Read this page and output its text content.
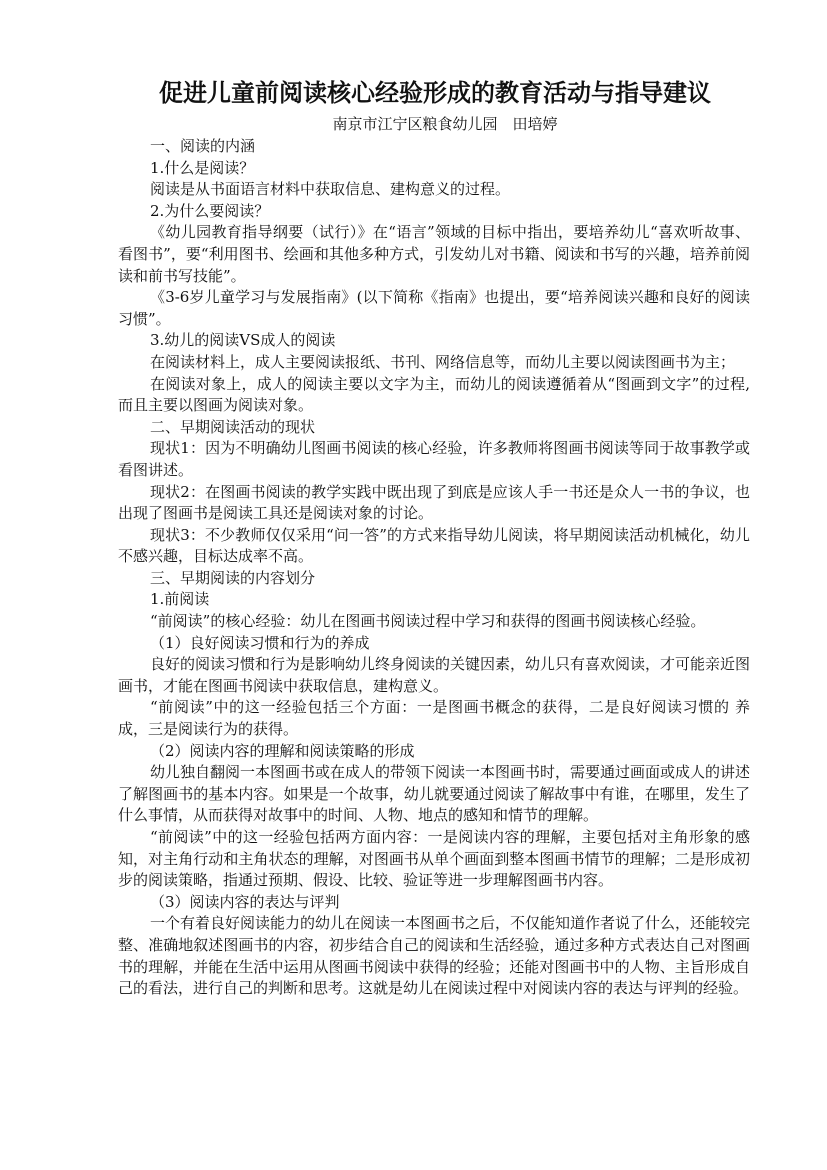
促进儿童前阅读核心经验形成的教育活动与指导建议
南京市江宁区粮食幼儿园　田培婷

一、阅读的内涵

1.什么是阅读？

阅读是从书面语言材料中获取信息、建构意义的过程。

2.为什么要阅读？

《幼儿园教育指导纲要（试行）》在“语言”领域的目标中指出，要培养幼儿“喜欢听故事、看图书”，要“利用图书、绘画和其他多种方式，引发幼儿对书籍、阅读和书写的兴趣，培养前阅读和前书写技能”。

《3-6岁儿童学习与发展指南》(以下简称《指南》也提出，要“培养阅读兴趣和良好的阅读习惯”。

3.幼儿的阅读VS成人的阅读

在阅读材料上，成人主要阅读报纸、书刊、网络信息等，而幼儿主要以阅读图画书为主；

在阅读对象上，成人的阅读主要以文字为主，而幼儿的阅读遵循着从“图画到文字”的过程,而且主要以图画为阅读对象。

二、早期阅读活动的现状

现状1：因为不明确幼儿图画书阅读的核心经验，许多教师将图画书阅读等同于故事教学或看图讲述。

现状2：在图画书阅读的教学实践中既出现了到底是应该人手一书还是众人一书的争议，也出现了图画书是阅读工具还是阅读对象的讨论。

现状3：不少教师仅仅采用“问一答”的方式来指导幼儿阅读，将早期阅读活动机械化，幼儿不感兴趣，目标达成率不高。

三、早期阅读的内容划分

1.前阅读

“前阅读”的核心经验：幼儿在图画书阅读过程中学习和获得的图画书阅读核心经验。

（1）良好阅读习惯和行为的养成

良好的阅读习惯和行为是影响幼儿终身阅读的关键因素，幼儿只有喜欢阅读，才可能亲近图画书，才能在图画书阅读中获取信息，建构意义。

“前阅读”中的这一经验包括三个方面：一是图画书概念的获得，二是良好阅读习惯的 养成，三是阅读行为的获得。

（2）阅读内容的理解和阅读策略的形成

幼儿独自翻阅一本图画书或在成人的带领下阅读一本图画书时，需要通过画面或成人的讲述了解图画书的基本内容。如果是一个故事，幼儿就要通过阅读了解故事中有谁，在哪里，发生了什么事情，从而获得对故事中的时间、人物、地点的感知和情节的理解。

“前阅读”中的这一经验包括两方面内容：一是阅读内容的理解，主要包括对主角形象的感知，对主角行动和主角状态的理解，对图画书从单个画面到整本图画书情节的理解；二是形成初步的阅读策略，指通过预期、假设、比较、验证等进一步理解图画书内容。

（3）阅读内容的表达与评判

一个有着良好阅读能力的幼儿在阅读一本图画书之后，不仅能知道作者说了什么，还能较完整、准确地叙述图画书的内容，初步结合自己的阅读和生活经验，通过多种方式表达自己对图画书的理解，并能在生活中运用从图画书阅读中获得的经验；还能对图画书中的人物、主旨形成自己的看法，进行自己的判断和思考。这就是幼儿在阅读过程中对阅读内容的表达与评判的经验。
